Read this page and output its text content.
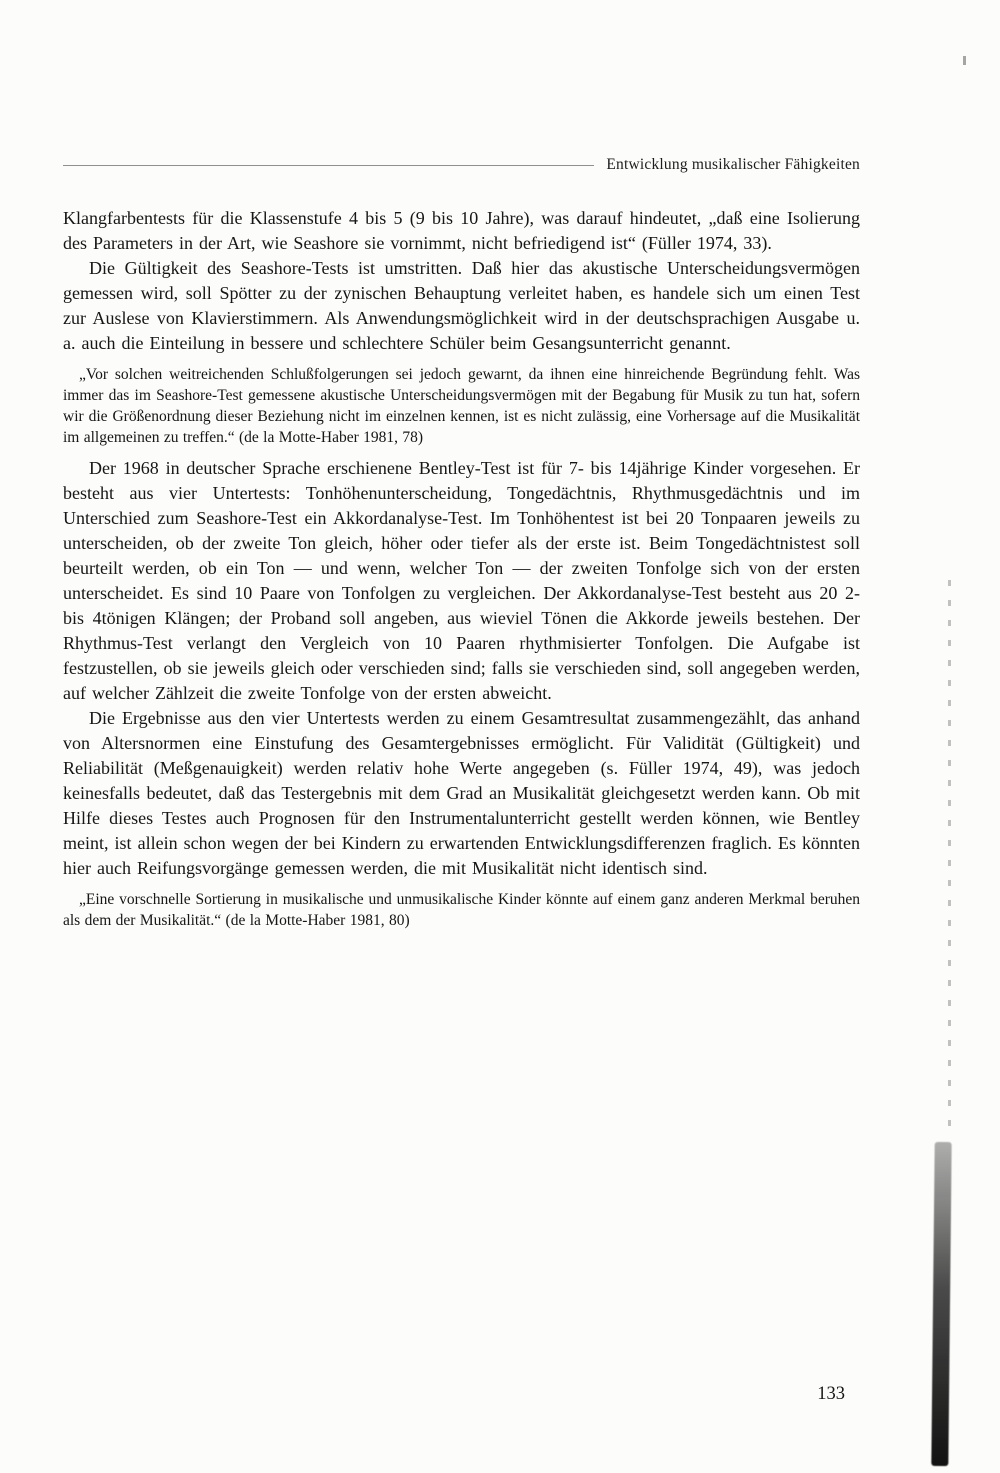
Entwicklung musikalischer Fähigkeiten

Klangfarbentests für die Klassenstufe 4 bis 5 (9 bis 10 Jahre), was darauf hindeutet, „daß eine Isolierung des Parameters in der Art, wie Seashore sie vornimmt, nicht befriedigend ist“ (Füller 1974, 33).

Die Gültigkeit des Seashore-Tests ist umstritten. Daß hier das akustische Unterscheidungsvermögen gemessen wird, soll Spötter zu der zynischen Behauptung verleitet haben, es handele sich um einen Test zur Auslese von Klavierstimmern. Als Anwendungsmöglichkeit wird in der deutschsprachigen Ausgabe u. a. auch die Einteilung in bessere und schlechtere Schüler beim Gesangsunterricht genannt.

„Vor solchen weitreichenden Schlußfolgerungen sei jedoch gewarnt, da ihnen eine hinreichende Begründung fehlt. Was immer das im Seashore-Test gemessene akustische Unterscheidungsvermögen mit der Begabung für Musik zu tun hat, sofern wir die Größenordnung dieser Beziehung nicht im einzelnen kennen, ist es nicht zulässig, eine Vorhersage auf die Musikalität im allgemeinen zu treffen.“ (de la Motte-Haber 1981, 78)

Der 1968 in deutscher Sprache erschienene Bentley-Test ist für 7- bis 14jährige Kinder vorgesehen. Er besteht aus vier Untertests: Tonhöhenunterscheidung, Tongedächtnis, Rhythmusgedächtnis und im Unterschied zum Seashore-Test ein Akkordanalyse-Test. Im Tonhöhentest ist bei 20 Tonpaaren jeweils zu unterscheiden, ob der zweite Ton gleich, höher oder tiefer als der erste ist. Beim Tongedächtnistest soll beurteilt werden, ob ein Ton — und wenn, welcher Ton — der zweiten Tonfolge sich von der ersten unterscheidet. Es sind 10 Paare von Tonfolgen zu vergleichen. Der Akkordanalyse-Test besteht aus 20 2- bis 4tönigen Klängen; der Proband soll angeben, aus wieviel Tönen die Akkorde jeweils bestehen. Der Rhythmus-Test verlangt den Vergleich von 10 Paaren rhythmisierter Tonfolgen. Die Aufgabe ist festzustellen, ob sie jeweils gleich oder verschieden sind; falls sie verschieden sind, soll angegeben werden, auf welcher Zählzeit die zweite Tonfolge von der ersten abweicht.

Die Ergebnisse aus den vier Untertests werden zu einem Gesamtresultat zusammengezählt, das anhand von Altersnormen eine Einstufung des Gesamtergebnisses ermöglicht. Für Validität (Gültigkeit) und Reliabilität (Meßgenauigkeit) werden relativ hohe Werte angegeben (s. Füller 1974, 49), was jedoch keinesfalls bedeutet, daß das Testergebnis mit dem Grad an Musikalität gleichgesetzt werden kann. Ob mit Hilfe dieses Testes auch Prognosen für den Instrumentalunterricht gestellt werden können, wie Bentley meint, ist allein schon wegen der bei Kindern zu erwartenden Entwicklungsdifferenzen fraglich. Es könnten hier auch Reifungsvorgänge gemessen werden, die mit Musikalität nicht identisch sind.

„Eine vorschnelle Sortierung in musikalische und unmusikalische Kinder könnte auf einem ganz anderen Merkmal beruhen als dem der Musikalität.“ (de la Motte-Haber 1981, 80)

133
